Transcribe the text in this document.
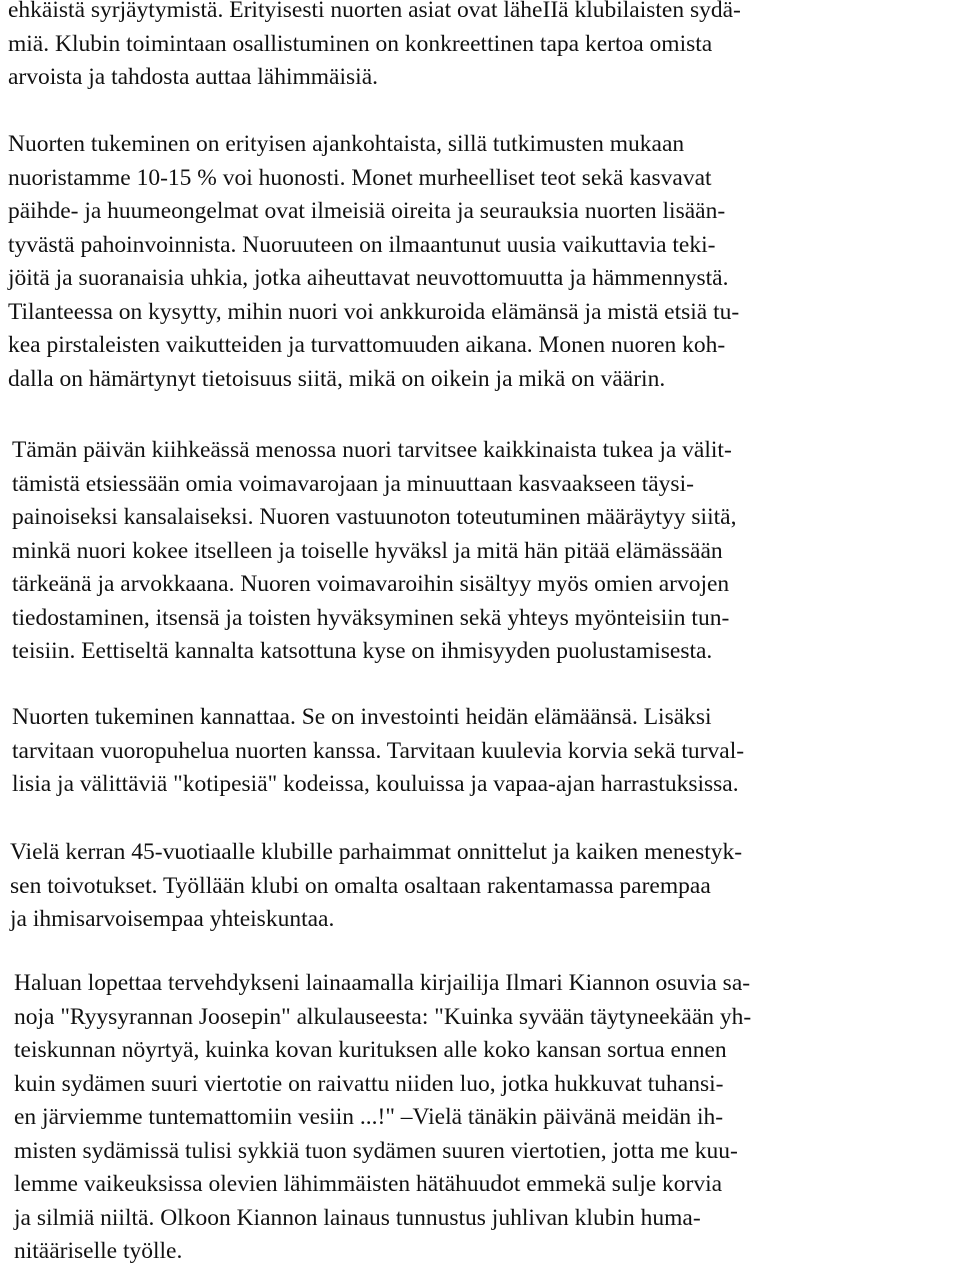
ehkäistä syrjäytymistä. Erityisesti nuorten asiat ovat läheIIä klubilaisten sydä-
miä. Klubin toimintaan osallistuminen on konkreettinen tapa kertoa omista
arvoista ja tahdosta auttaa lähimmäisiä.
Nuorten tukeminen on erityisen ajankohtaista, sillä tutkimusten mukaan
nuoristamme 10-15 % voi huonosti. Monet murheelliset teot sekä kasvavat
päihde- ja huumeongelmat ovat ilmeisiä oireita ja seurauksia nuorten lisään-
tyvästä pahoinvoinnista. Nuoruuteen on ilmaantunut uusia vaikuttavia teki-
jöitä ja suoranaisia uhkia, jotka aiheuttavat neuvottomuutta ja hämmennystä.
Tilanteessa on kysytty, mihin nuori voi ankkuroida elämänsä ja mistä etsiä tu-
kea pirstaleisten vaikutteiden ja turvattomuuden aikana. Monen nuoren koh-
dalla on hämärtynyt tietoisuus siitä, mikä on oikein ja mikä on väärin.
Tämän päivän kiihkeässä menossa nuori tarvitsee kaikkinaista tukea ja välit-
tämistä etsiessään omia voimavarojaan ja minuuttaan kasvaakseen täysi-
painoiseksi kansalaiseksi. Nuoren vastuunoton toteutuminen määräytyy siitä,
minkä nuori kokee itselleen ja toiselle hyväksl ja mitä hän pitää elämässään
tärkeänä ja arvokkaana. Nuoren voimavaroihin sisältyy myös omien arvojen
tiedostaminen, itsensä ja toisten hyväksyminen sekä yhteys myönteisiin tun-
teisiin. Eettiseltä kannalta katsottuna kyse on ihmisyyden puolustamisesta.
Nuorten tukeminen kannattaa. Se on investointi heidän elämäänsä. Lisäksi
tarvitaan vuoropuhelua nuorten kanssa. Tarvitaan kuulevia korvia sekä turval-
lisia ja välittäviä "kotipesiä" kodeissa, kouluissa ja vapaa-ajan harrastuksissa.
Vielä kerran 45-vuotiaalle klubille parhaimmat onnittelut ja kaiken menestyk-
sen toivotukset. Työllään klubi on omalta osaltaan rakentamassa parempaa
ja ihmisarvoisempaa yhteiskuntaa.
Haluan lopettaa tervehdykseni lainaamalla kirjailija Ilmari Kiannon osuvia sa-
noja "Ryysyrannan Joosepin" alkulauseesta: "Kuinka syvään täytyneekään yh-
teiskunnan nöyrtyä, kuinka kovan kurituksen alle koko kansan sortua ennen
kuin sydämen suuri viertotie on raivattu niiden luo, jotka hukkuvat tuhansi-
en järviemme tuntemattomiin vesiin ...!" –Vielä tänäkin päivänä meidän ih-
misten sydämissä tulisi sykkiä tuon sydämen suuren viertotien, jotta me kuu-
lemme vaikeuksissa olevien lähimmäisten hätähuudot emmekä sulje korvia
ja silmiä niiltä. Olkoon Kiannon lainaus tunnustus juhlivan klubin huma-
nitääriselle työlle.
